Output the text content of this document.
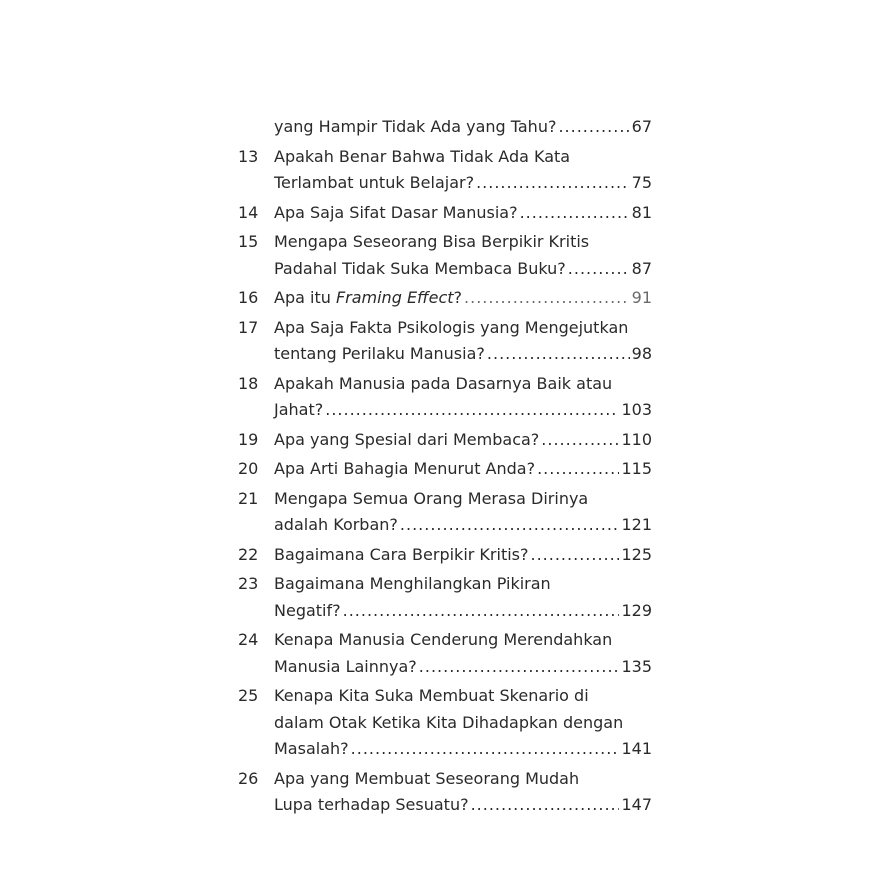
yang Hampir Tidak Ada yang Tahu? .....	67
13 Apakah Benar Bahwa Tidak Ada Kata
Terlambat untuk Belajar? .....	75
14 Apa Saja Sifat Dasar Manusia? .....	81
15 Mengapa Seseorang Bisa Berpikir Kritis
Padahal Tidak Suka Membaca Buku? .....	87
16 Apa itu Framing Effect? .....	91
17 Apa Saja Fakta Psikologis yang Mengejutkan
tentang Perilaku Manusia? .....	98
18 Apakah Manusia pada Dasarnya Baik atau
Jahat? .....	103
19 Apa yang Spesial dari Membaca? .....	110
20 Apa Arti Bahagia Menurut Anda? .....	115
21 Mengapa Semua Orang Merasa Dirinya
adalah Korban? .....	121
22 Bagaimana Cara Berpikir Kritis? .....	125
23 Bagaimana Menghilangkan Pikiran
Negatif? .....	129
24 Kenapa Manusia Cenderung Merendahkan
Manusia Lainnya? .....	135
25 Kenapa Kita Suka Membuat Skenario di
dalam Otak Ketika Kita Dihadapkan dengan
Masalah? .....	141
26 Apa yang Membuat Seseorang Mudah
Lupa terhadap Sesuatu? .....	147
